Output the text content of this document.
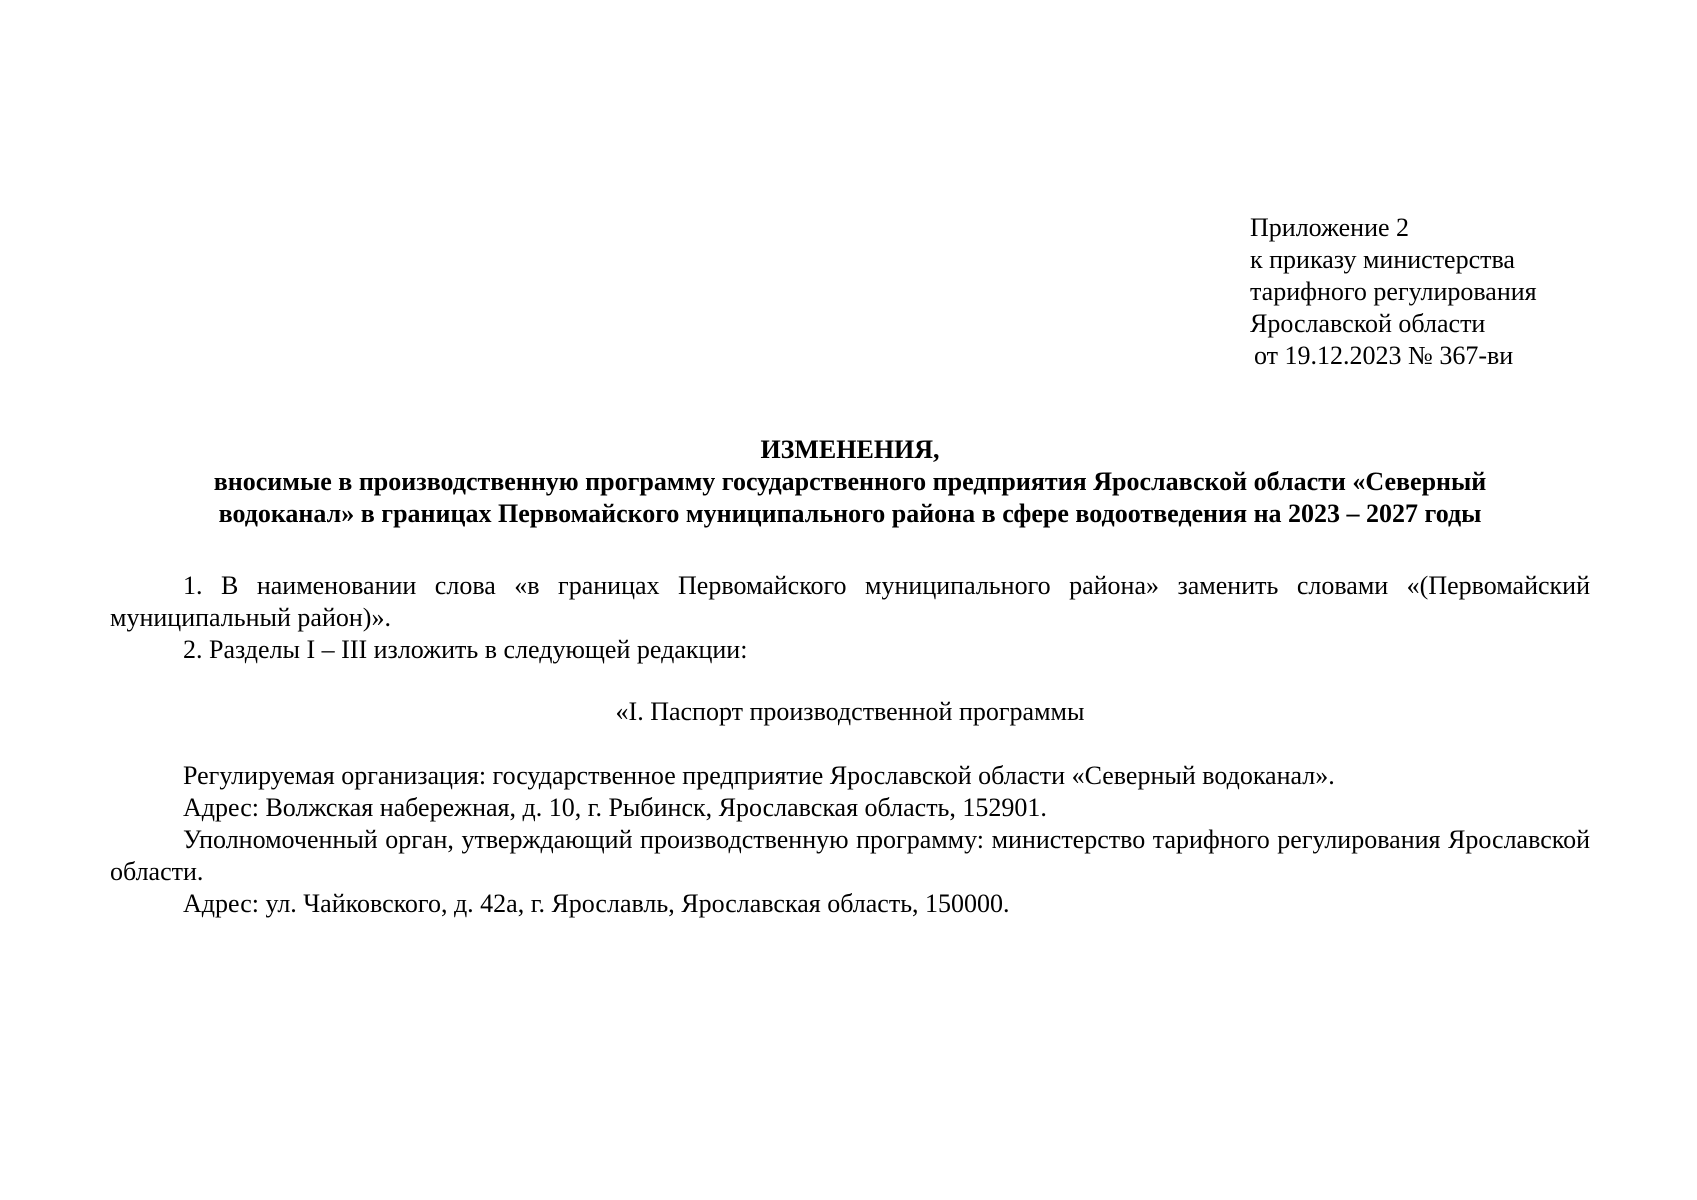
Приложение 2
к приказу министерства
тарифного регулирования
Ярославской области
от 19.12.2023 № 367-ви
ИЗМЕНЕНИЯ,
вносимые в производственную программу государственного предприятия Ярославской области «Северный
водоканал» в границах Первомайского муниципального района в сфере водоотведения на 2023 – 2027 годы

1. В наименовании слова «в границах Первомайского муниципального района» заменить словами «(Первомайский муниципальный район)».

2. Разделы I – III изложить в следующей редакции:

«I. Паспорт производственной программы

Регулируемая организация: государственное предприятие Ярославской области «Северный водоканал».

Адрес: Волжская набережная, д. 10, г. Рыбинск, Ярославская область, 152901.

Уполномоченный орган, утверждающий производственную программу: министерство тарифного регулирования Ярославской области.

Адрес: ул. Чайковского, д. 42а, г. Ярославль, Ярославская область, 150000.
